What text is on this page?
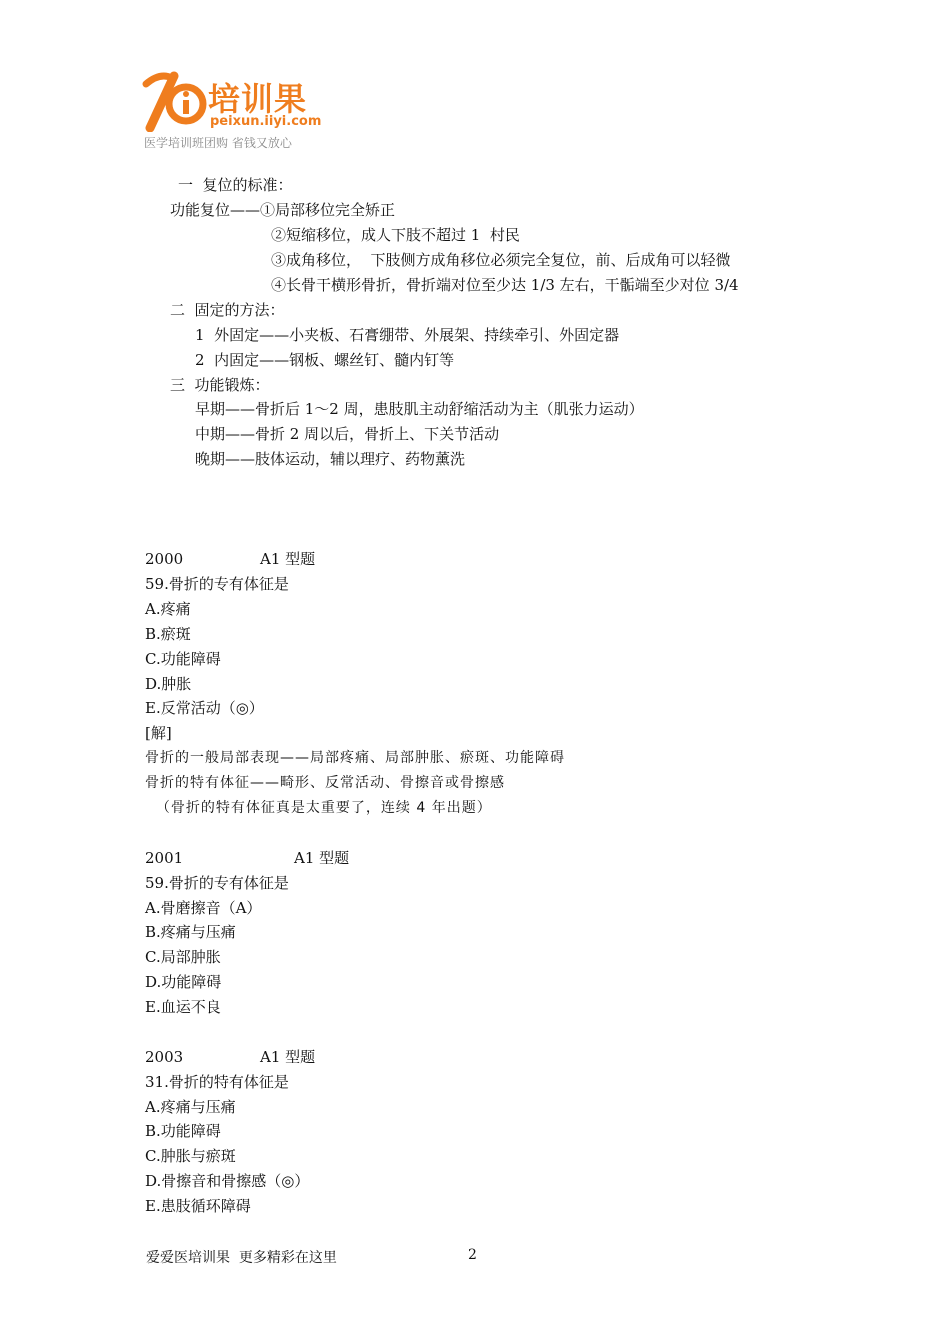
培训果
peixun.iiyi.com
医学培训班团购 省钱又放心
一  复位的标准：
功能复位——①局部移位完全矫正
②短缩移位，成人下肢不超过 1  村民
③成角移位，  下肢侧方成角移位必须完全复位，前、后成角可以轻微
④长骨干横形骨折，骨折端对位至少达 1/3 左右，干骺端至少对位 3/4
二  固定的方法：
1  外固定——小夹板、石膏绷带、外展架、持续牵引、外固定器
2  内固定——钢板、螺丝钉、髓内钉等
三  功能锻炼：
早期——骨折后 1～2 周，患肢肌主动舒缩活动为主（肌张力运动）
中期——骨折 2 周以后，骨折上、下关节活动
晚期——肢体运动，辅以理疗、药物薰洗
2000	A1 型题
59.骨折的专有体征是
A.疼痛
B.瘀斑
C.功能障碍
D.肿胀
E.反常活动（◎）
[解]
骨折的一般局部表现——局部疼痛、局部肿胀、瘀斑、功能障碍
骨折的特有体征——畸形、反常活动、骨擦音或骨擦感
（骨折的特有体征真是太重要了，连续 4 年出题）
2001	A1 型题
59.骨折的专有体征是
A.骨磨擦音（A）
B.疼痛与压痛
C.局部肿胀
D.功能障碍
E.血运不良
2003	A1 型题
31.骨折的特有体征是
A.疼痛与压痛
B.功能障碍
C.肿胀与瘀斑
D.骨擦音和骨擦感（◎）
E.患肢循环障碍
爱爱医培训果  更多精彩在这里	2
